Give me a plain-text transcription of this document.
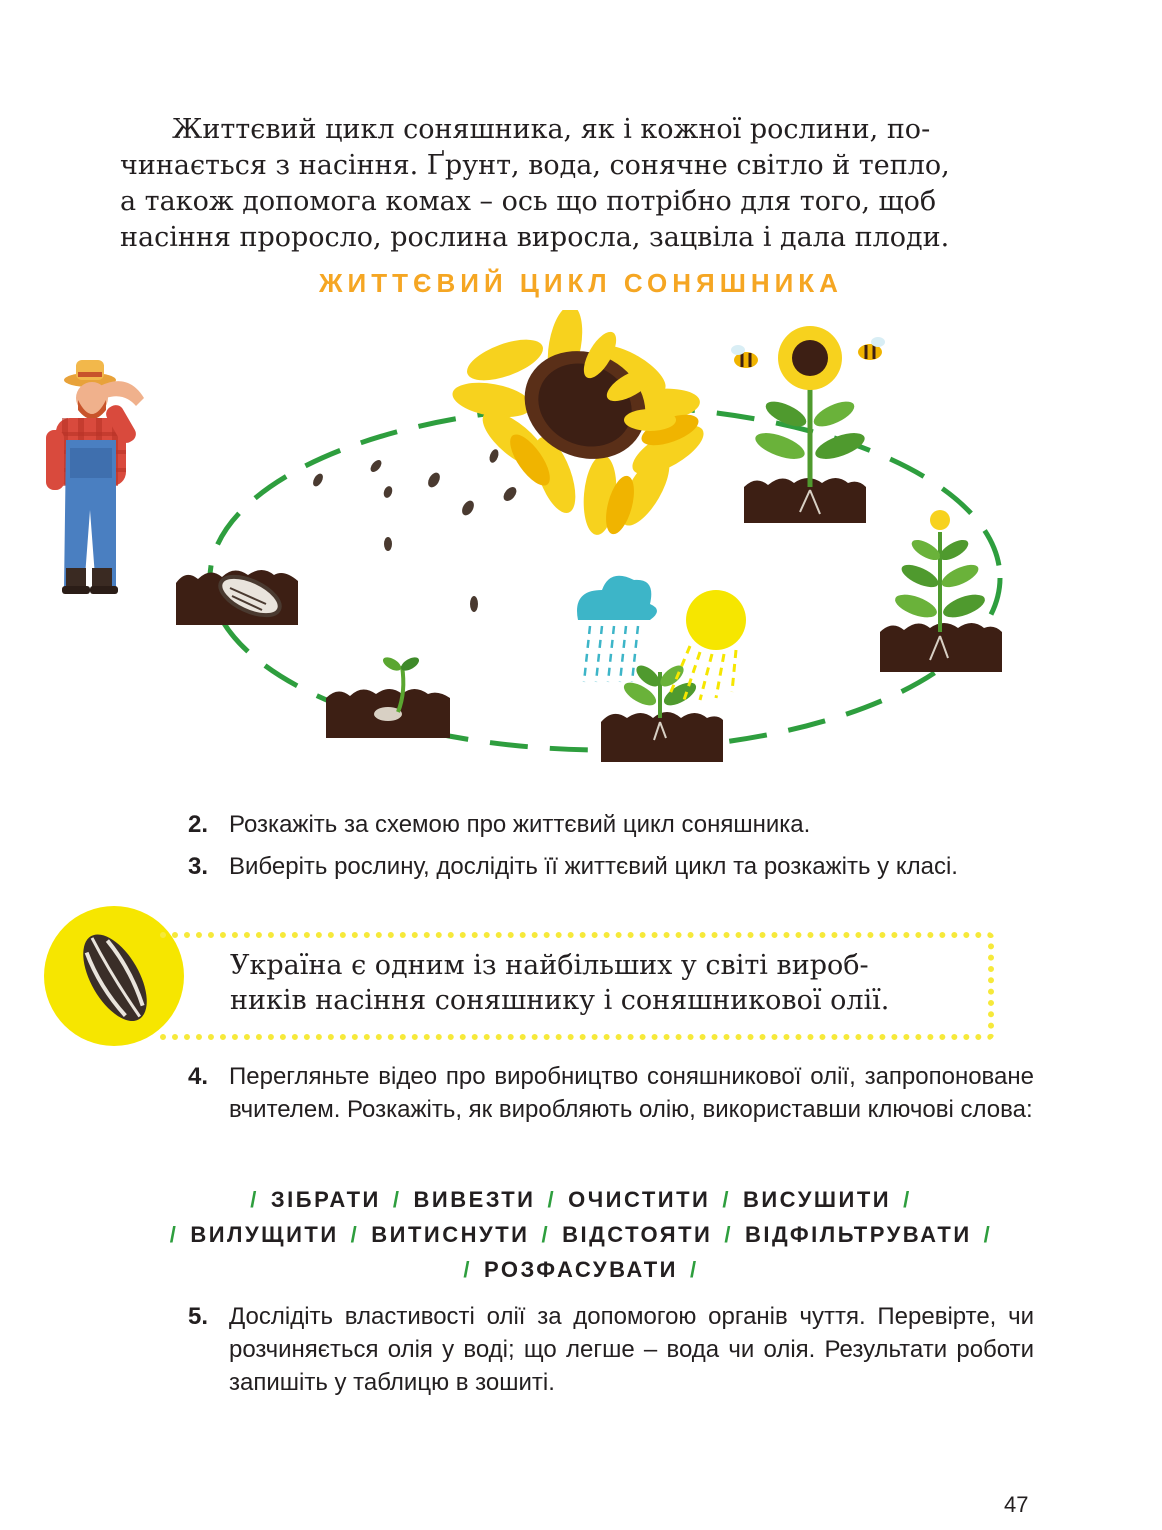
Життєвий цикл соняшника, як і кожної рослини, по-

чинається з насіння. Ґрунт, вода, сонячне світло й тепло,
а також допомога комах – ось що потрібно для того, щоб
насіння проросло, рослина виросла, зацвіла і дала плоди.
ЖИТТЄВИЙ ЦИКЛ СОНЯШНИКА
2. Розкажіть за схемою про життєвий цикл соняшника.
3. Виберіть рослину, дослідіть її життєвий цикл та розкажіть у класі.
Україна є одним із найбільших у світі вироб-
ників насіння соняшнику і соняшникової олії.
4. Перегляньте відео про виробництво соняшникової олії, запропоноване вчителем. Розкажіть, як виробляють олію, використавши ключові слова:
/ ЗІБРАТИ / ВИВЕЗТИ / ОЧИСТИТИ / ВИСУШИТИ /
/ ВИЛУЩИТИ / ВИТИСНУТИ / ВІДСТОЯТИ / ВІДФІЛЬТРУВАТИ /
/ РОЗФАСУВАТИ /
5. Дослідіть властивості олії за допомогою органів чуття. Перевірте, чи розчиняється олія у воді; що легше – вода чи олія. Результати роботи запишіть у таблицю в зошиті.
47
